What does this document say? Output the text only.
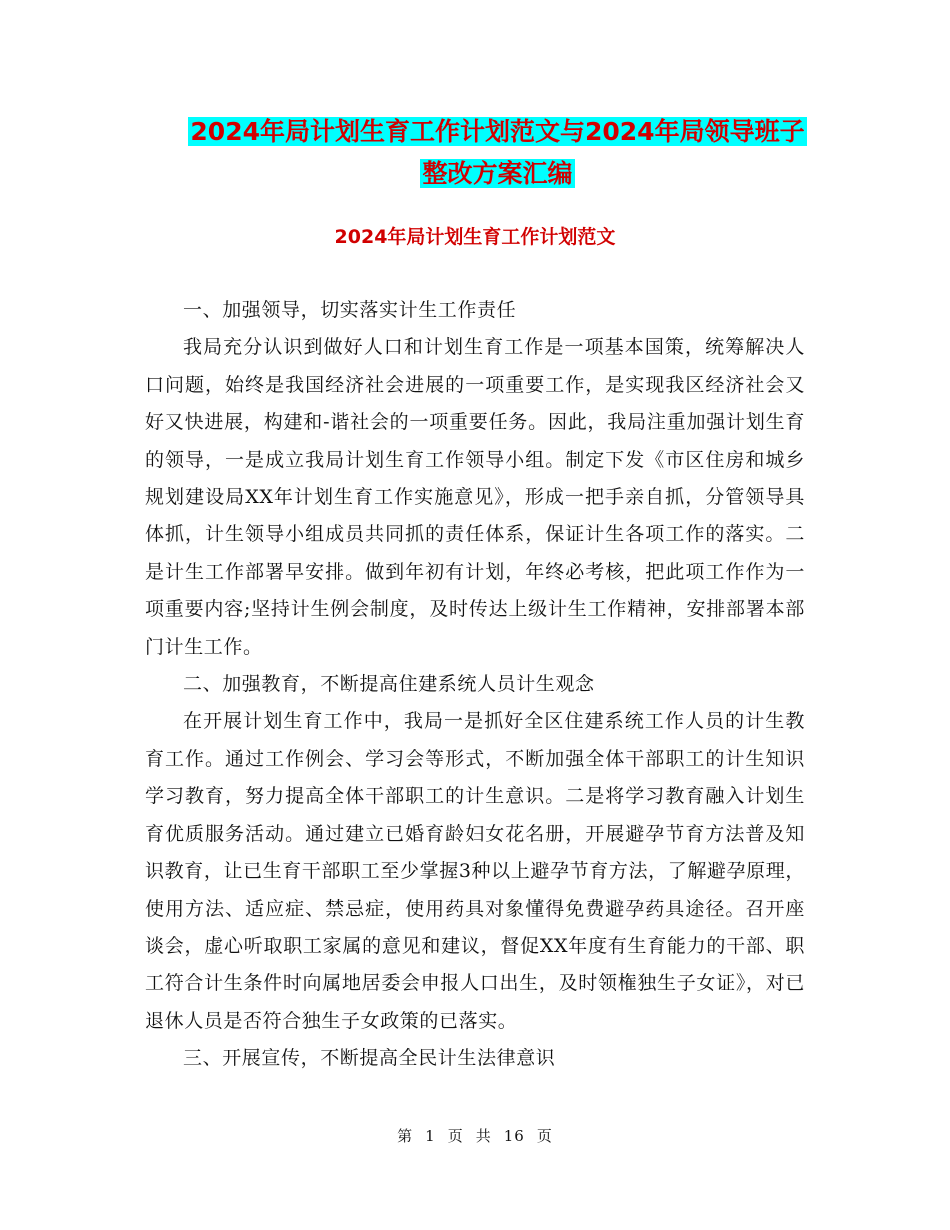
2024年局计划生育工作计划范文与2024年局领导班子
整改方案汇编
2024年局计划生育工作计划范文

一、加强领导，切实落实计生工作责任

我局充分认识到做好人口和计划生育工作是一项基本国策，统筹解决人口问题，始终是我国经济社会进展的一项重要工作，是实现我区经济社会又好又快进展，构建和-谐社会的一项重要任务。因此，我局注重加强计划生育的领导，一是成立我局计划生育工作领导小组。制定下发《市区住房和城乡规划建设局XX年计划生育工作实施意见》，形成一把手亲自抓，分管领导具体抓，计生领导小组成员共同抓的责任体系，保证计生各项工作的落实。二是计生工作部署早安排。做到年初有计划，年终必考核，把此项工作作为一项重要内容;坚持计生例会制度，及时传达上级计生工作精神，安排部署本部门计生工作。

二、加强教育，不断提高住建系统人员计生观念

在开展计划生育工作中，我局一是抓好全区住建系统工作人员的计生教育工作。通过工作例会、学习会等形式，不断加强全体干部职工的计生知识学习教育，努力提高全体干部职工的计生意识。二是将学习教育融入计划生育优质服务活动。通过建立已婚育龄妇女花名册，开展避孕节育方法普及知识教育，让已生育干部职工至少掌握3种以上避孕节育方法，了解避孕原理，使用方法、适应症、禁忌症，使用药具对象懂得免费避孕药具途径。召开座谈会，虚心听取职工家属的意见和建议，督促XX年度有生育能力的干部、职工符合计生条件时向属地居委会申报人口出生，及时领権独生子女证》，对已退休人员是否符合独生子女政策的已落实。

三、开展宣传，不断提高全民计生法律意识

第 1 页 共 16 页
